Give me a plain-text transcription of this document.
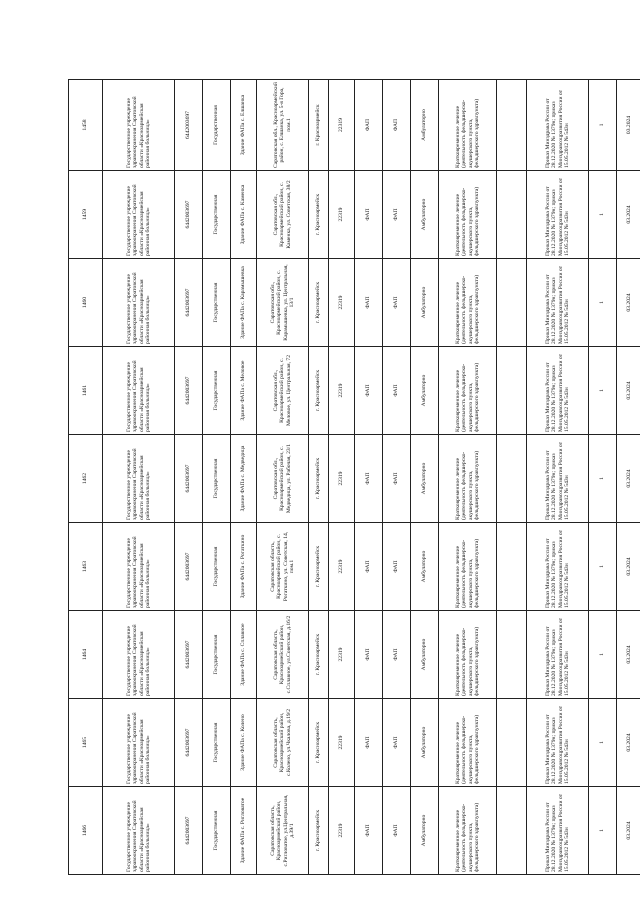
1466	1465	1464	1463	1462	1461	1460	1459	1458
Государственное учреждение здравоохранения Саратовской области «Красноармейская районная больница»	Государственное учреждение здравоохранения Саратовской области «Красноармейская районная больница»	Государственное учреждение здравоохранения Саратовской области «Красноармейская районная больница»	Государственное учреждение здравоохранения Саратовской области «Красноармейская районная больница»	Государственное учреждение здравоохранения Саратовской области «Красноармейская районная больница»	Государственное учреждение здравоохранения Саратовской области «Красноармейская районная больница»	Государственное учреждение здравоохранения Саратовской области «Красноармейская районная больница»	Государственное учреждение здравоохранения Саратовской области «Красноармейская районная больница»	Государственное учреждение здравоохранения Саратовской области «Красноармейская районная больница»
6442003697	6442003697	6442003697	6442003697	6442003697	6442003697	6442003697	6442003697	6442003697
Государственная	Государственная	Государственная	Государственная	Государственная	Государственная	Государственная	Государственная	Государственная
Здание ФАПа с. Ригловатое	Здание ФАПа с. Колено	Здание ФАПа с. Сплавное	Здание ФАПа с. Рогаткино	Здание ФАПа с. Медведица	Здание ФАПа с. Меловое	Здание ФАПа с. Карамышевка	Здание ФАПа с. Каменка	Здание ФАПа с. Елшанка
Саратовская область, Красноармейский район, с.Ригловатое, ул.Центральная, д.39/1	Саратовская область, Красноармейский район, с.Колено, ул.Чкалова, д.19/2	Саратовская область, Красноармейский район, с.Сплавное, ул.Советская, д.16/2	Саратовская область, Красноармейский район, с. Рогаткино, ул. Советская, 14, пом.1	Саратовская обл., Красноармейский район, с. Медведица, ул. Рабочая, 23/1	Саратовская обл., Красноармейский район, с. Меловое, ул. Центральная, 72	Саратовская обл., Красноармейский район, с. Карамышевка, ул. Центральная, 13/1	Саратовская обл., Красноармейский район, с. Каменка, ул. Советская, 38/2	Саратовская обл., Красноармейский район, с. Елшанка, ул. 5-я Гора, пом.1
г. Красноармейск	г. Красноармейск	г. Красноармейск	г. Красноармейск	г. Красноармейск	г. Красноармейск	г. Красноармейск	г. Красноармейск	г. Красноармейск
22319	22319	22319	22319	22319	22319	22319	22319	22319
ФАП	ФАП	ФАП	ФАП	ФАП	ФАП	ФАП	ФАП	ФАП
ФАП	ФАП	ФАП	ФАП	ФАП	ФАП	ФАП	ФАП	ФАП
Амбулаторно	Амбулаторно	Амбулаторно	Амбулаторно	Амбулаторно	Амбулаторно	Амбулаторно	Амбулаторно	Амбулаторно
Кратковременное лечение (деятельность фельдшерско-акушерского пункта, фельдшерского здравпункта)	Кратковременное лечение (деятельность фельдшерско-акушерского пункта, фельдшерского здравпункта)	Кратковременное лечение (деятельность фельдшерско-акушерского пункта, фельдшерского здравпункта)	Кратковременное лечение (деятельность фельдшерско-акушерского пункта, фельдшерского здравпункта)	Кратковременное лечение (деятельность фельдшерско-акушерского пункта, фельдшерского здравпункта)	Кратковременное лечение (деятельность фельдшерско-акушерского пункта, фельдшерского здравпункта)	Кратковременное лечение (деятельность фельдшерско-акушерского пункта, фельдшерского здравпункта)	Кратковременное лечение (деятельность фельдшерско-акушерского пункта, фельдшерского здравпункта)	Кратковременное лечение (деятельность фельдшерско-акушерского пункта, фельдшерского здравпункта)

Приказ Минздрава России от 28.12.2020 № 1379н; приказ Минздравсоцразвития России от 15.05.2012 № 543н	Приказ Минздрава России от 28.12.2020 № 1379н; приказ Минздравсоцразвития России от 15.05.2012 № 543н	Приказ Минздрава России от 28.12.2020 № 1379н; приказ Минздравсоцразвития России от 15.05.2012 № 543н	Приказ Минздрава России от 28.12.2020 № 1379н; приказ Минздравсоцразвития России от 15.05.2012 № 543н	Приказ Минздрава России от 28.12.2020 № 1379н; приказ Минздравсоцразвития России от 15.05.2012 № 543н	Приказ Минздрава России от 28.12.2020 № 1379н; приказ Минздравсоцразвития России от 15.05.2012 № 543н	Приказ Минздрава России от 28.12.2020 № 1379н; приказ Минздравсоцразвития России от 15.05.2012 № 543н	Приказ Минздрава России от 28.12.2020 № 1379н; приказ Минздравсоцразвития России от 15.05.2012 № 543н	Приказ Минздрава России от 28.12.2020 № 1379н; приказ Минздравсоцразвития России от 15.05.2012 № 543н
1	1	1	1	1	1	1	1	1
03.2024	03.2024	03.2024	03.2024	03.2024	03.2024	03.2024	03.2024	03.2024
